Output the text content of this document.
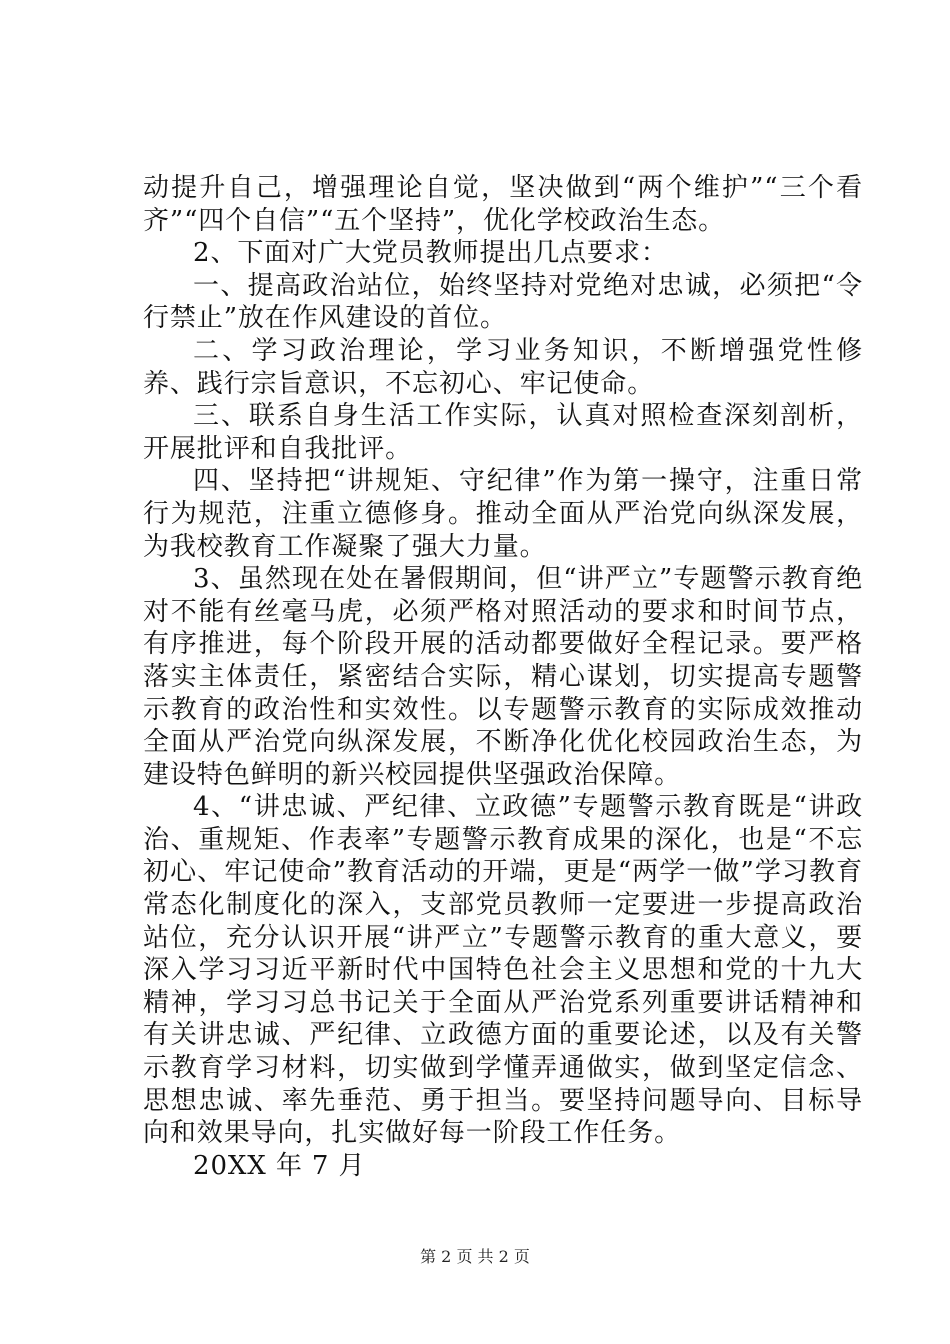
动提升自己，增强理论自觉，坚决做到“两个维护”“三个看齐”“四个自信”“五个坚持”，优化学校政治生态。

2、下面对广大党员教师提出几点要求：

一、提高政治站位，始终坚持对党绝对忠诚，必须把“令行禁止”放在作风建设的首位。

二、学习政治理论，学习业务知识，不断增强党性修养、践行宗旨意识，不忘初心、牢记使命。

三、联系自身生活工作实际，认真对照检查深刻剖析，开展批评和自我批评。

四、坚持把“讲规矩、守纪律”作为第一操守，注重日常行为规范，注重立德修身。推动全面从严治党向纵深发展，为我校教育工作凝聚了强大力量。

3、虽然现在处在暑假期间，但“讲严立”专题警示教育绝对不能有丝毫马虎，必须严格对照活动的要求和时间节点，有序推进，每个阶段开展的活动都要做好全程记录。要严格落实主体责任，紧密结合实际，精心谋划，切实提高专题警示教育的政治性和实效性。以专题警示教育的实际成效推动全面从严治党向纵深发展，不断净化优化校园政治生态，为建设特色鲜明的新兴校园提供坚强政治保障。

4、“讲忠诚、严纪律、立政德”专题警示教育既是“讲政治、重规矩、作表率”专题警示教育成果的深化，也是“不忘初心、牢记使命”教育活动的开端，更是“两学一做”学习教育常态化制度化的深入，支部党员教师一定要进一步提高政治站位，充分认识开展“讲严立”专题警示教育的重大意义，要深入学习习近平新时代中国特色社会主义思想和党的十九大精神，学习习总书记关于全面从严治党系列重要讲话精神和有关讲忠诚、严纪律、立政德方面的重要论述，以及有关警示教育学习材料，切实做到学懂弄通做实，做到坚定信念、思想忠诚、率先垂范、勇于担当。要坚持问题导向、目标导向和效果导向，扎实做好每一阶段工作任务。

20XX 年 7 月

第 2 页 共 2 页
